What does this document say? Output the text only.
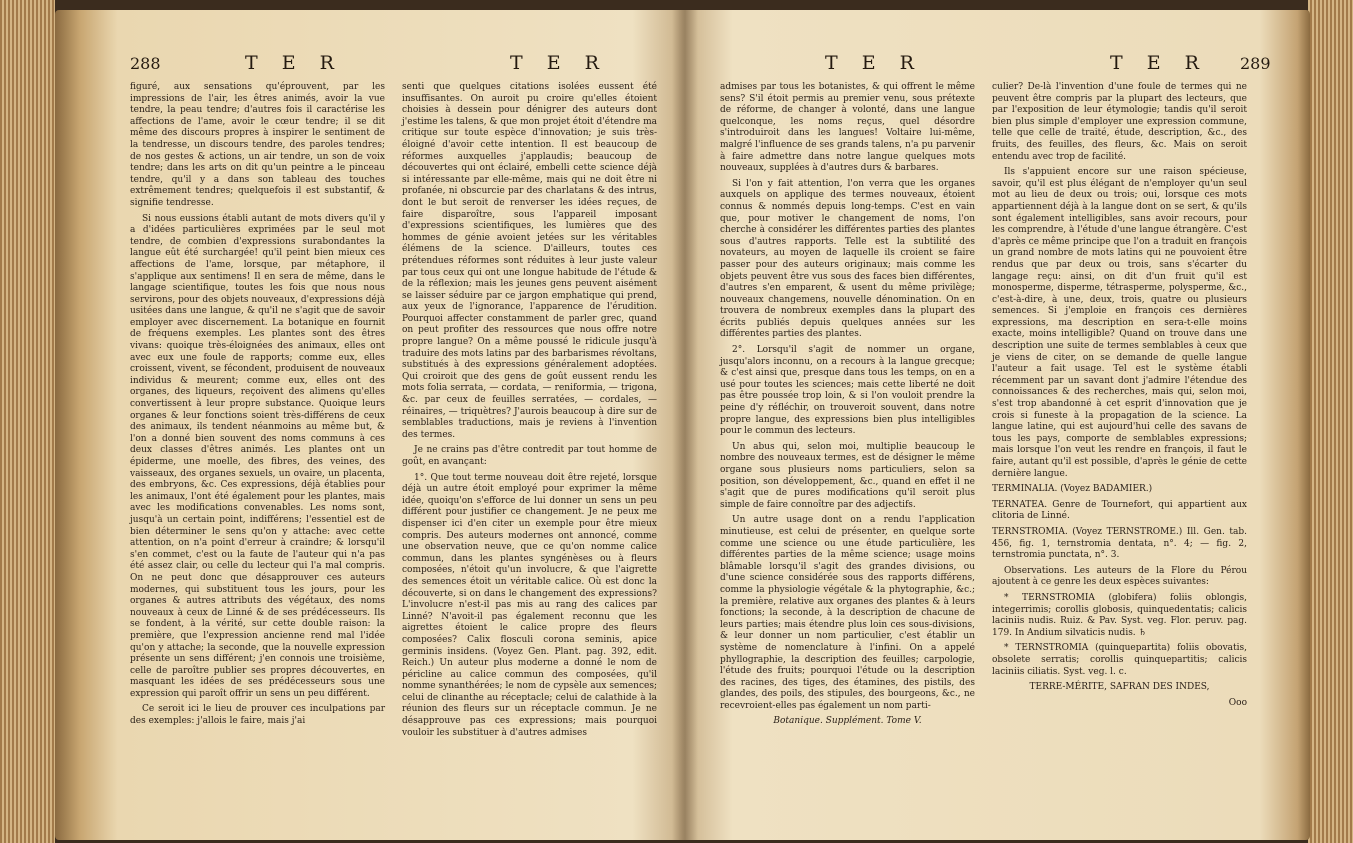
288	T E R	T E R

figuré, aux sensations qu'éprouvent, par les impressions de l'air, les êtres animés, avoir la vue tendre, la peau tendre; d'autres fois il caractérise les affections de l'ame, avoir le cœur tendre; il se dit même des discours propres à inspirer le sentiment de la tendresse, un discours tendre, des paroles tendres; de nos gestes & actions, un air tendre, un son de voix tendre; dans les arts on dit qu'un peintre a le pinceau tendre, qu'il y a dans son tableau des touches extrêmement tendres; quelquefois il est substantif, & signifie tendresse.

Si nous eussions établi autant de mots divers qu'il y a d'idées particulières exprimées par le seul mot tendre, de combien d'expressions surabondantes la langue eût été surchargée! qu'il peint bien mieux ces affections de l'ame, lorsque, par métaphore, il s'applique aux sentimens! Il en sera de même, dans le langage scientifique, toutes les fois que nous nous servirons, pour des objets nouveaux, d'expressions déjà usitées dans une langue, & qu'il ne s'agit que de savoir employer avec discernement. La botanique en fournit de fréquens exemples. Les plantes sont des êtres vivans: quoique très-éloignées des animaux, elles ont avec eux une foule de rapports; comme eux, elles croissent, vivent, se fécondent, produisent de nouveaux individus & meurent; comme eux, elles ont des organes, des liqueurs, reçoivent des alimens qu'elles convertissent à leur propre substance. Quoique leurs organes & leur fonctions soient très-différens de ceux des animaux, ils tendent néanmoins au même but, & l'on a donné bien souvent des noms communs à ces deux classes d'êtres animés. Les plantes ont un épiderme, une moelle, des fibres, des veines, des vaisseaux, des organes sexuels, un ovaire, un placenta, des embryons, &c. Ces expressions, déjà établies pour les animaux, l'ont été également pour les plantes, mais avec les modifications convenables. Les noms sont, jusqu'à un certain point, indifférens; l'essentiel est de bien déterminer le sens qu'on y attache: avec cette attention, on n'a point d'erreur à craindre; & lorsqu'il s'en commet, c'est ou la faute de l'auteur qui n'a pas été assez clair, ou celle du lecteur qui l'a mal compris. On ne peut donc que désapprouver ces auteurs modernes, qui substituent tous les jours, pour les organes & autres attributs des végétaux, des noms nouveaux à ceux de Linné & de ses prédécesseurs. Ils se fondent, à la vérité, sur cette double raison: la première, que l'expression ancienne rend mal l'idée qu'on y attache; la seconde, que la nouvelle expression présente un sens différent; j'en connois une troisième, celle de paroître publier ses propres découvertes, en masquant les idées de ses prédécesseurs sous une expression qui paroît offrir un sens un peu différent.

Ce seroit ici le lieu de prouver ces inculpations par des exemples: j'allois le faire, mais j'ai

senti que quelques citations isolées eussent été insuffisantes. On auroit pu croire qu'elles étoient choisies à dessein pour dénigrer des auteurs dont j'estime les talens, & que mon projet étoit d'étendre ma critique sur toute espèce d'innovation; je suis très-éloigné d'avoir cette intention. Il est beaucoup de réformes auxquelles j'applaudis; beaucoup de découvertes qui ont éclairé, embelli cette science déjà si intéressante par elle-même, mais qui ne doit être ni profanée, ni obscurcie par des charlatans & des intrus, dont le but seroit de renverser les idées reçues, de faire disparoître, sous l'appareil imposant d'expressions scientifiques, les lumières que des hommes de génie avoient jetées sur les véritables élémens de la science. D'ailleurs, toutes ces prétendues réformes sont réduites à leur juste valeur par tous ceux qui ont une longue habitude de l'étude & de la réflexion; mais les jeunes gens peuvent aisément se laisser séduire par ce jargon emphatique qui prend, aux yeux de l'ignorance, l'apparence de l'érudition. Pourquoi affecter constamment de parler grec, quand on peut profiter des ressources que nous offre notre propre langue? On a même poussé le ridicule jusqu'à traduire des mots latins par des barbarismes révoltans, substitués à des expressions généralement adoptées. Qui croiroit que des gens de goût eussent rendu les mots folia serrata, — cordata, — reniformia, — trigona, &c. par ceux de feuilles serratées, — cordales, — réinaires, — triquètres? J'aurois beaucoup à dire sur de semblables traductions, mais je reviens à l'invention des termes.

Je ne crains pas d'être contredit par tout homme de goût, en avançant:

1°. Que tout terme nouveau doit être rejeté, lorsque déjà un autre étoit employé pour exprimer la même idée, quoiqu'on s'efforce de lui donner un sens un peu différent pour justifier ce changement. Je ne peux me dispenser ici d'en citer un exemple pour être mieux compris. Des auteurs modernes ont annoncé, comme une observation neuve, que ce qu'on nomme calice commun, dans les plantes syngénèses ou à fleurs composées, n'étoit qu'un involucre, & que l'aigrette des semences étoit un véritable calice. Où est donc la découverte, si on dans le changement des expressions? L'involucre n'est-il pas mis au rang des calices par Linné? N'avoit-il pas également reconnu que les aigrettes étoient le calice propre des fleurs composées? Calix flosculi corona seminis, apice germinis insidens. (Voyez Gen. Plant. pag. 392, edit. Reich.) Un auteur plus moderne a donné le nom de péricline au calice commun des composées, qu'il nomme synanthérées; le nom de cypsèle aux semences; celui de clinanthe au réceptacle; celui de calathide à la réunion des fleurs sur un réceptacle commun. Je ne désapprouve pas ces expressions; mais pourquoi vouloir les substituer à d'autres admises

T E R	T E R 289

admises par tous les botanistes, & qui offrent le même sens? S'il étoit permis au premier venu, sous prétexte de réforme, de changer à volonté, dans une langue quelconque, les noms reçus, quel désordre s'introduiroit dans les langues! Voltaire lui-même, malgré l'influence de ses grands talens, n'a pu parvenir à faire admettre dans notre langue quelques mots nouveaux, supplées à d'autres durs & barbares.

Si l'on y fait attention, l'on verra que les organes auxquels on applique des termes nouveaux, étoient connus & nommés depuis long-temps. C'est en vain que, pour motiver le changement de noms, l'on cherche à considérer les différentes parties des plantes sous d'autres rapports. Telle est la subtilité des novateurs, au moyen de laquelle ils croient se faire passer pour des auteurs originaux; mais comme les objets peuvent être vus sous des faces bien différentes, d'autres s'en emparent, & usent du même privilège; nouveaux changemens, nouvelle dénomination. On en trouvera de nombreux exemples dans la plupart des écrits publiés depuis quelques années sur les différentes parties des plantes.

2°. Lorsqu'il s'agit de nommer un organe, jusqu'alors inconnu, on a recours à la langue grecque; & c'est ainsi que, presque dans tous les temps, on en a usé pour toutes les sciences; mais cette liberté ne doit pas être poussée trop loin, & si l'on vouloit prendre la peine d'y réfléchir, on trouveroit souvent, dans notre propre langue, des expressions bien plus intelligibles pour le commun des lecteurs.

Un abus qui, selon moi, multiplie beaucoup le nombre des nouveaux termes, est de désigner le même organe sous plusieurs noms particuliers, selon sa position, son développement, &c., quand en effet il ne s'agit que de pures modifications qu'il seroit plus simple de faire connoître par des adjectifs.

Un autre usage dont on a rendu l'application minutieuse, est celui de présenter, en quelque sorte comme une science ou une étude particulière, les différentes parties de la même science; usage moins blâmable lorsqu'il s'agit des grandes divisions, ou d'une science considérée sous des rapports différens, comme la physiologie végétale & la phytographie, &c.; la première, relative aux organes des plantes & à leurs fonctions; la seconde, à la description de chacune de leurs parties; mais étendre plus loin ces sous-divisions, & leur donner un nom particulier, c'est établir un système de nomenclature à l'infini. On a appelé phyllographie, la description des feuilles; carpologie, l'étude des fruits; pourquoi l'étude ou la description des racines, des tiges, des étamines, des pistils, des glandes, des poils, des stipules, des bourgeons, &c., ne recevroient-elles pas également un nom parti-

Botanique. Supplément. Tome V.

culier? De-là l'invention d'une foule de termes qui ne peuvent être compris par la plupart des lecteurs, que par l'exposition de leur étymologie; tandis qu'il seroit bien plus simple d'employer une expression commune, telle que celle de traité, étude, description, &c., des fruits, des feuilles, des fleurs, &c. Mais on seroit entendu avec trop de facilité.

Ils s'appuient encore sur une raison spécieuse, savoir, qu'il est plus élégant de n'employer qu'un seul mot au lieu de deux ou trois; oui, lorsque ces mots appartiennent déjà à la langue dont on se sert, & qu'ils sont également intelligibles, sans avoir recours, pour les comprendre, à l'étude d'une langue étrangère. C'est d'après ce même principe que l'on a traduit en françois un grand nombre de mots latins qui ne pouvoient être rendus que par deux ou trois, sans s'écarter du langage reçu: ainsi, on dit d'un fruit qu'il est monosperme, disperme, tétrasperme, polysperme, &c., c'est-à-dire, à une, deux, trois, quatre ou plusieurs semences. Si j'emploie en françois ces dernières expressions, ma description en sera-t-elle moins exacte, moins intelligible? Quand on trouve dans une description une suite de termes semblables à ceux que je viens de citer, on se demande de quelle langue l'auteur a fait usage. Tel est le système établi récemment par un savant dont j'admire l'étendue des connoissances & des recherches, mais qui, selon moi, s'est trop abandonné à cet esprit d'innovation que je crois si funeste à la propagation de la science. La langue latine, qui est aujourd'hui celle des savans de tous les pays, comporte de semblables expressions; mais lorsque l'on veut les rendre en françois, il faut le faire, autant qu'il est possible, d'après le génie de cette dernière langue.

TERMINALIA. (Voyez BADAMIER.)

TERNATEA. Genre de Tournefort, qui appartient aux clitoria de Linné.

TERNSTROMIA. (Voyez TERNSTROME.) Ill. Gen. tab. 456, fig. 1, ternstromia dentata, n°. 4; — fig. 2, ternstromia punctata, n°. 3.

Observations. Les auteurs de la Flore du Pérou ajoutent à ce genre les deux espèces suivantes:

* TERNSTROMIA (globifera) foliis oblongis, integerrimis; corollis globosis, quinquedentatis; calicis laciniis nudis. Ruiz. & Pav. Syst. veg. Flor. peruv. pag. 179. In Andium silvaticis nudis. ♄

* TERNSTROMIA (quinquepartita) foliis obovatis, obsolete serratis; corollis quinquepartitis; calicis laciniis ciliatis. Syst. veg. l. c.

TERRE-MÉRITE, SAFRAN DES INDES,

Ooo
